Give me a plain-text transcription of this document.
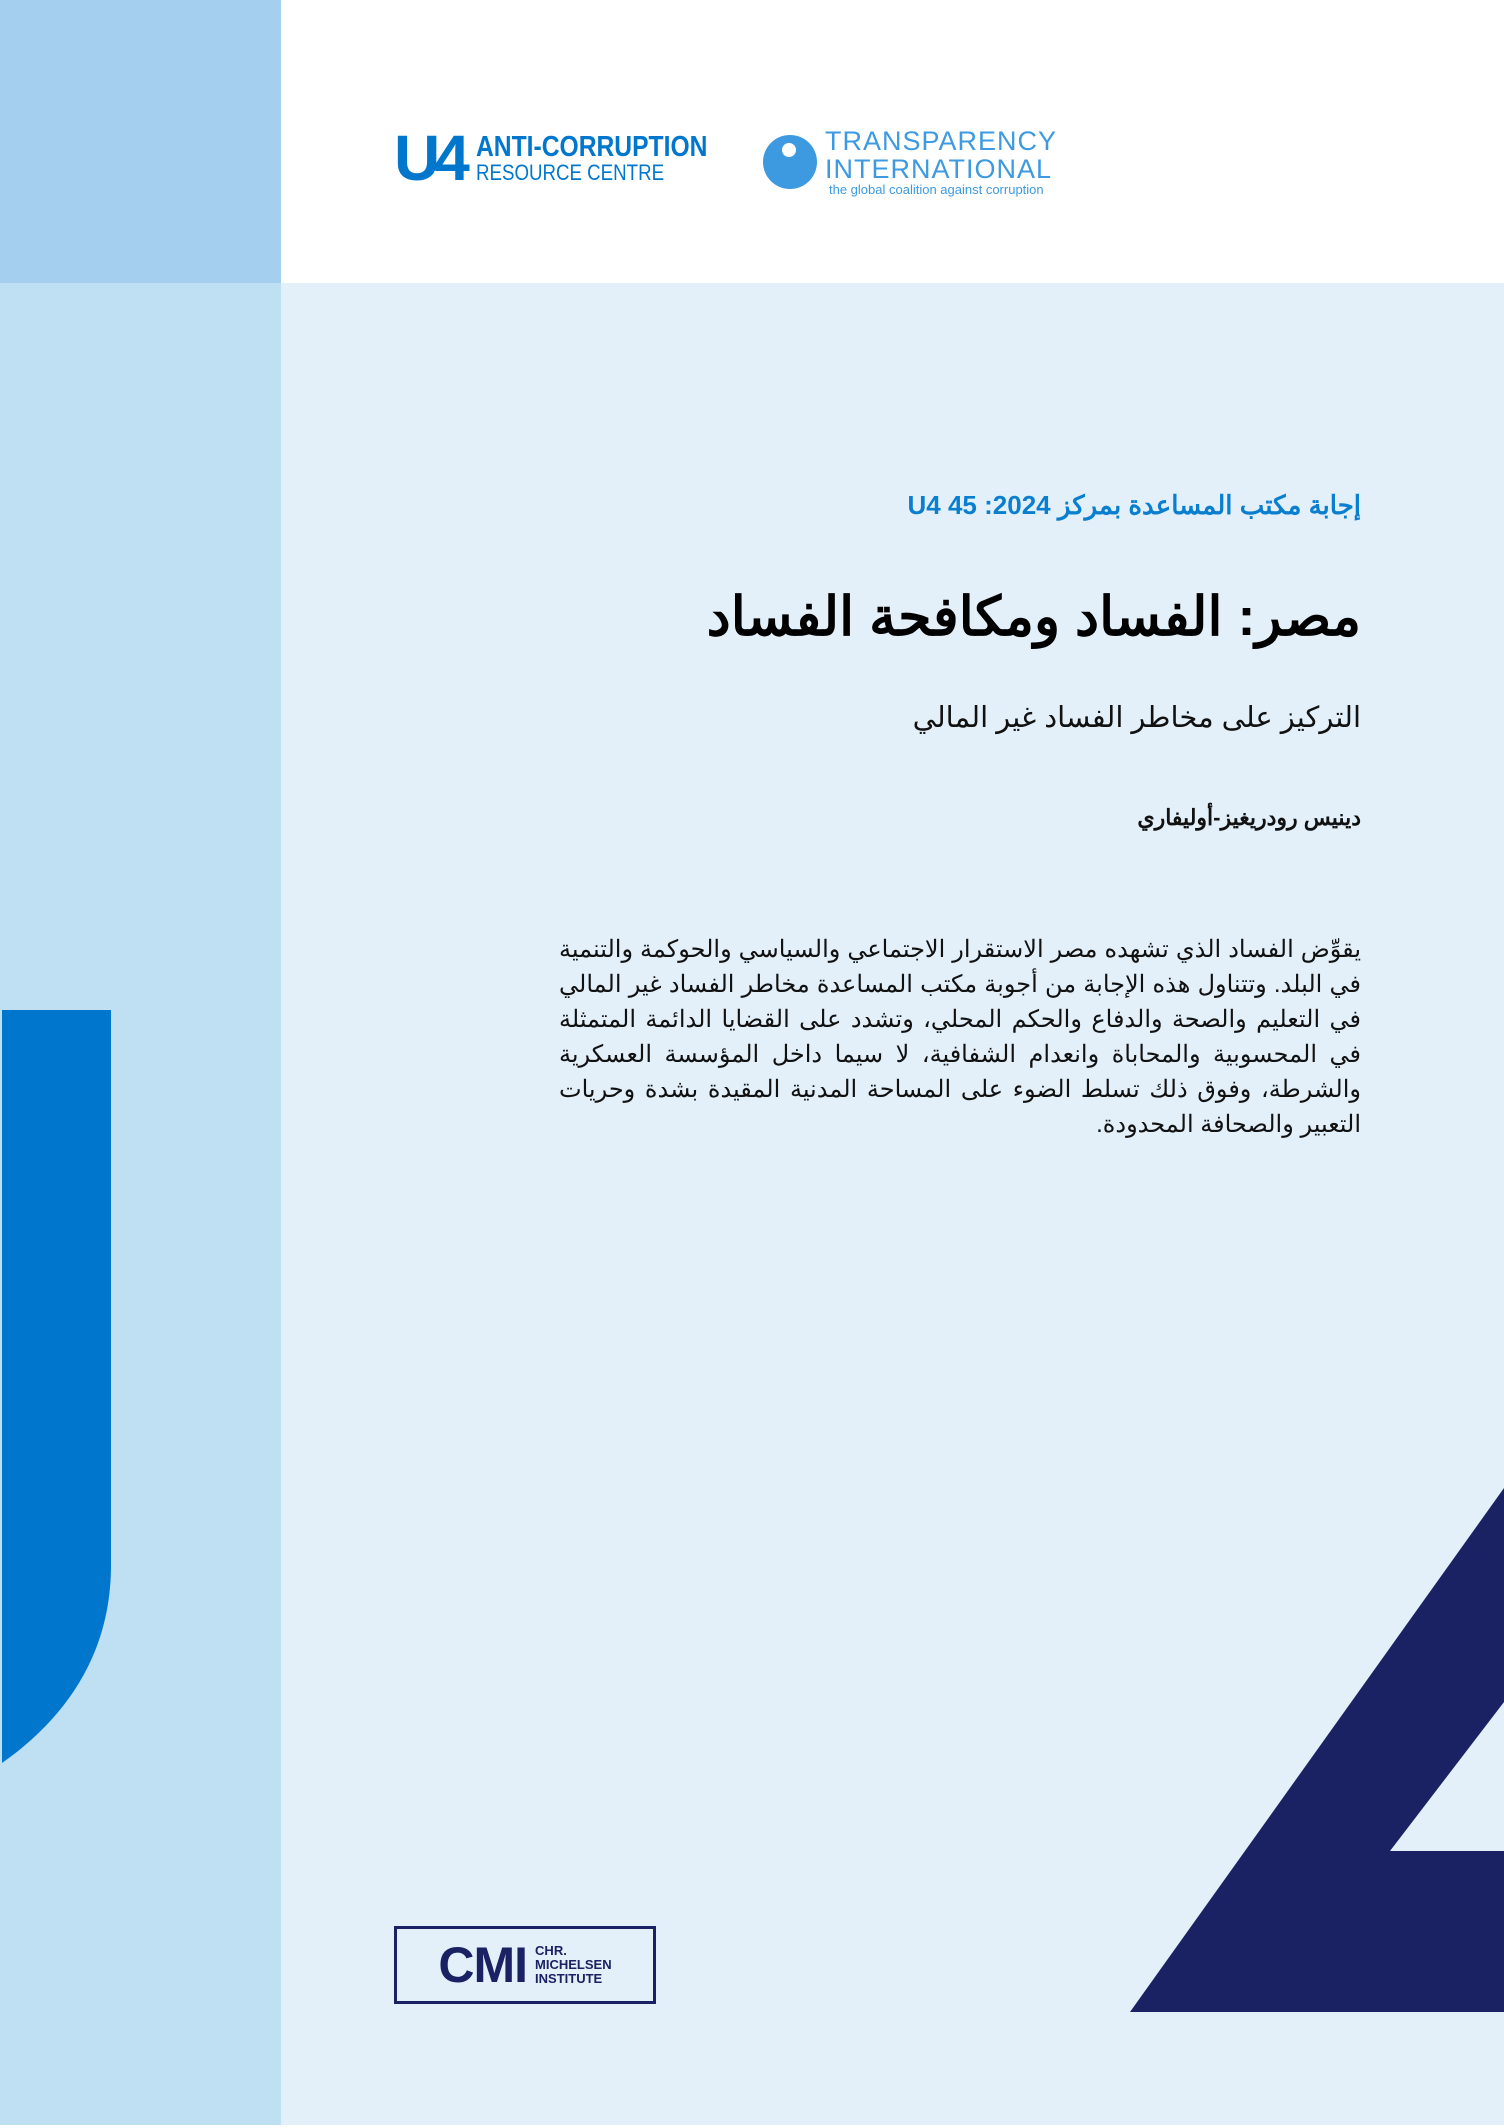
U4 ANTI-CORRUPTION
RESOURCE CENTRE
TRANSPARENCY
INTERNATIONAL
the global coalition against corruption
إجابة مكتب المساعدة بمركز U4 45 :2024
مصر: الفساد ومكافحة الفساد
التركيز على مخاطر الفساد غير المالي
دينيس رودريغيز-أوليفاري
يقوِّض الفساد الذي تشهده مصر الاستقرار الاجتماعي والسياسي والحوكمة والتنمية في البلد. وتتناول هذه الإجابة من أجوبة مكتب المساعدة مخاطر الفساد غير المالي في التعليم والصحة والدفاع والحكم المحلي، وتشدد على القضايا الدائمة المتمثلة في المحسوبية والمحاباة وانعدام الشفافية، لا سيما داخل المؤسسة العسكرية والشرطة، وفوق ذلك تسلط الضوء على المساحة المدنية المقيدة بشدة وحريات التعبير والصحافة المحدودة.
CMI CHR.
MICHELSEN
INSTITUTE
